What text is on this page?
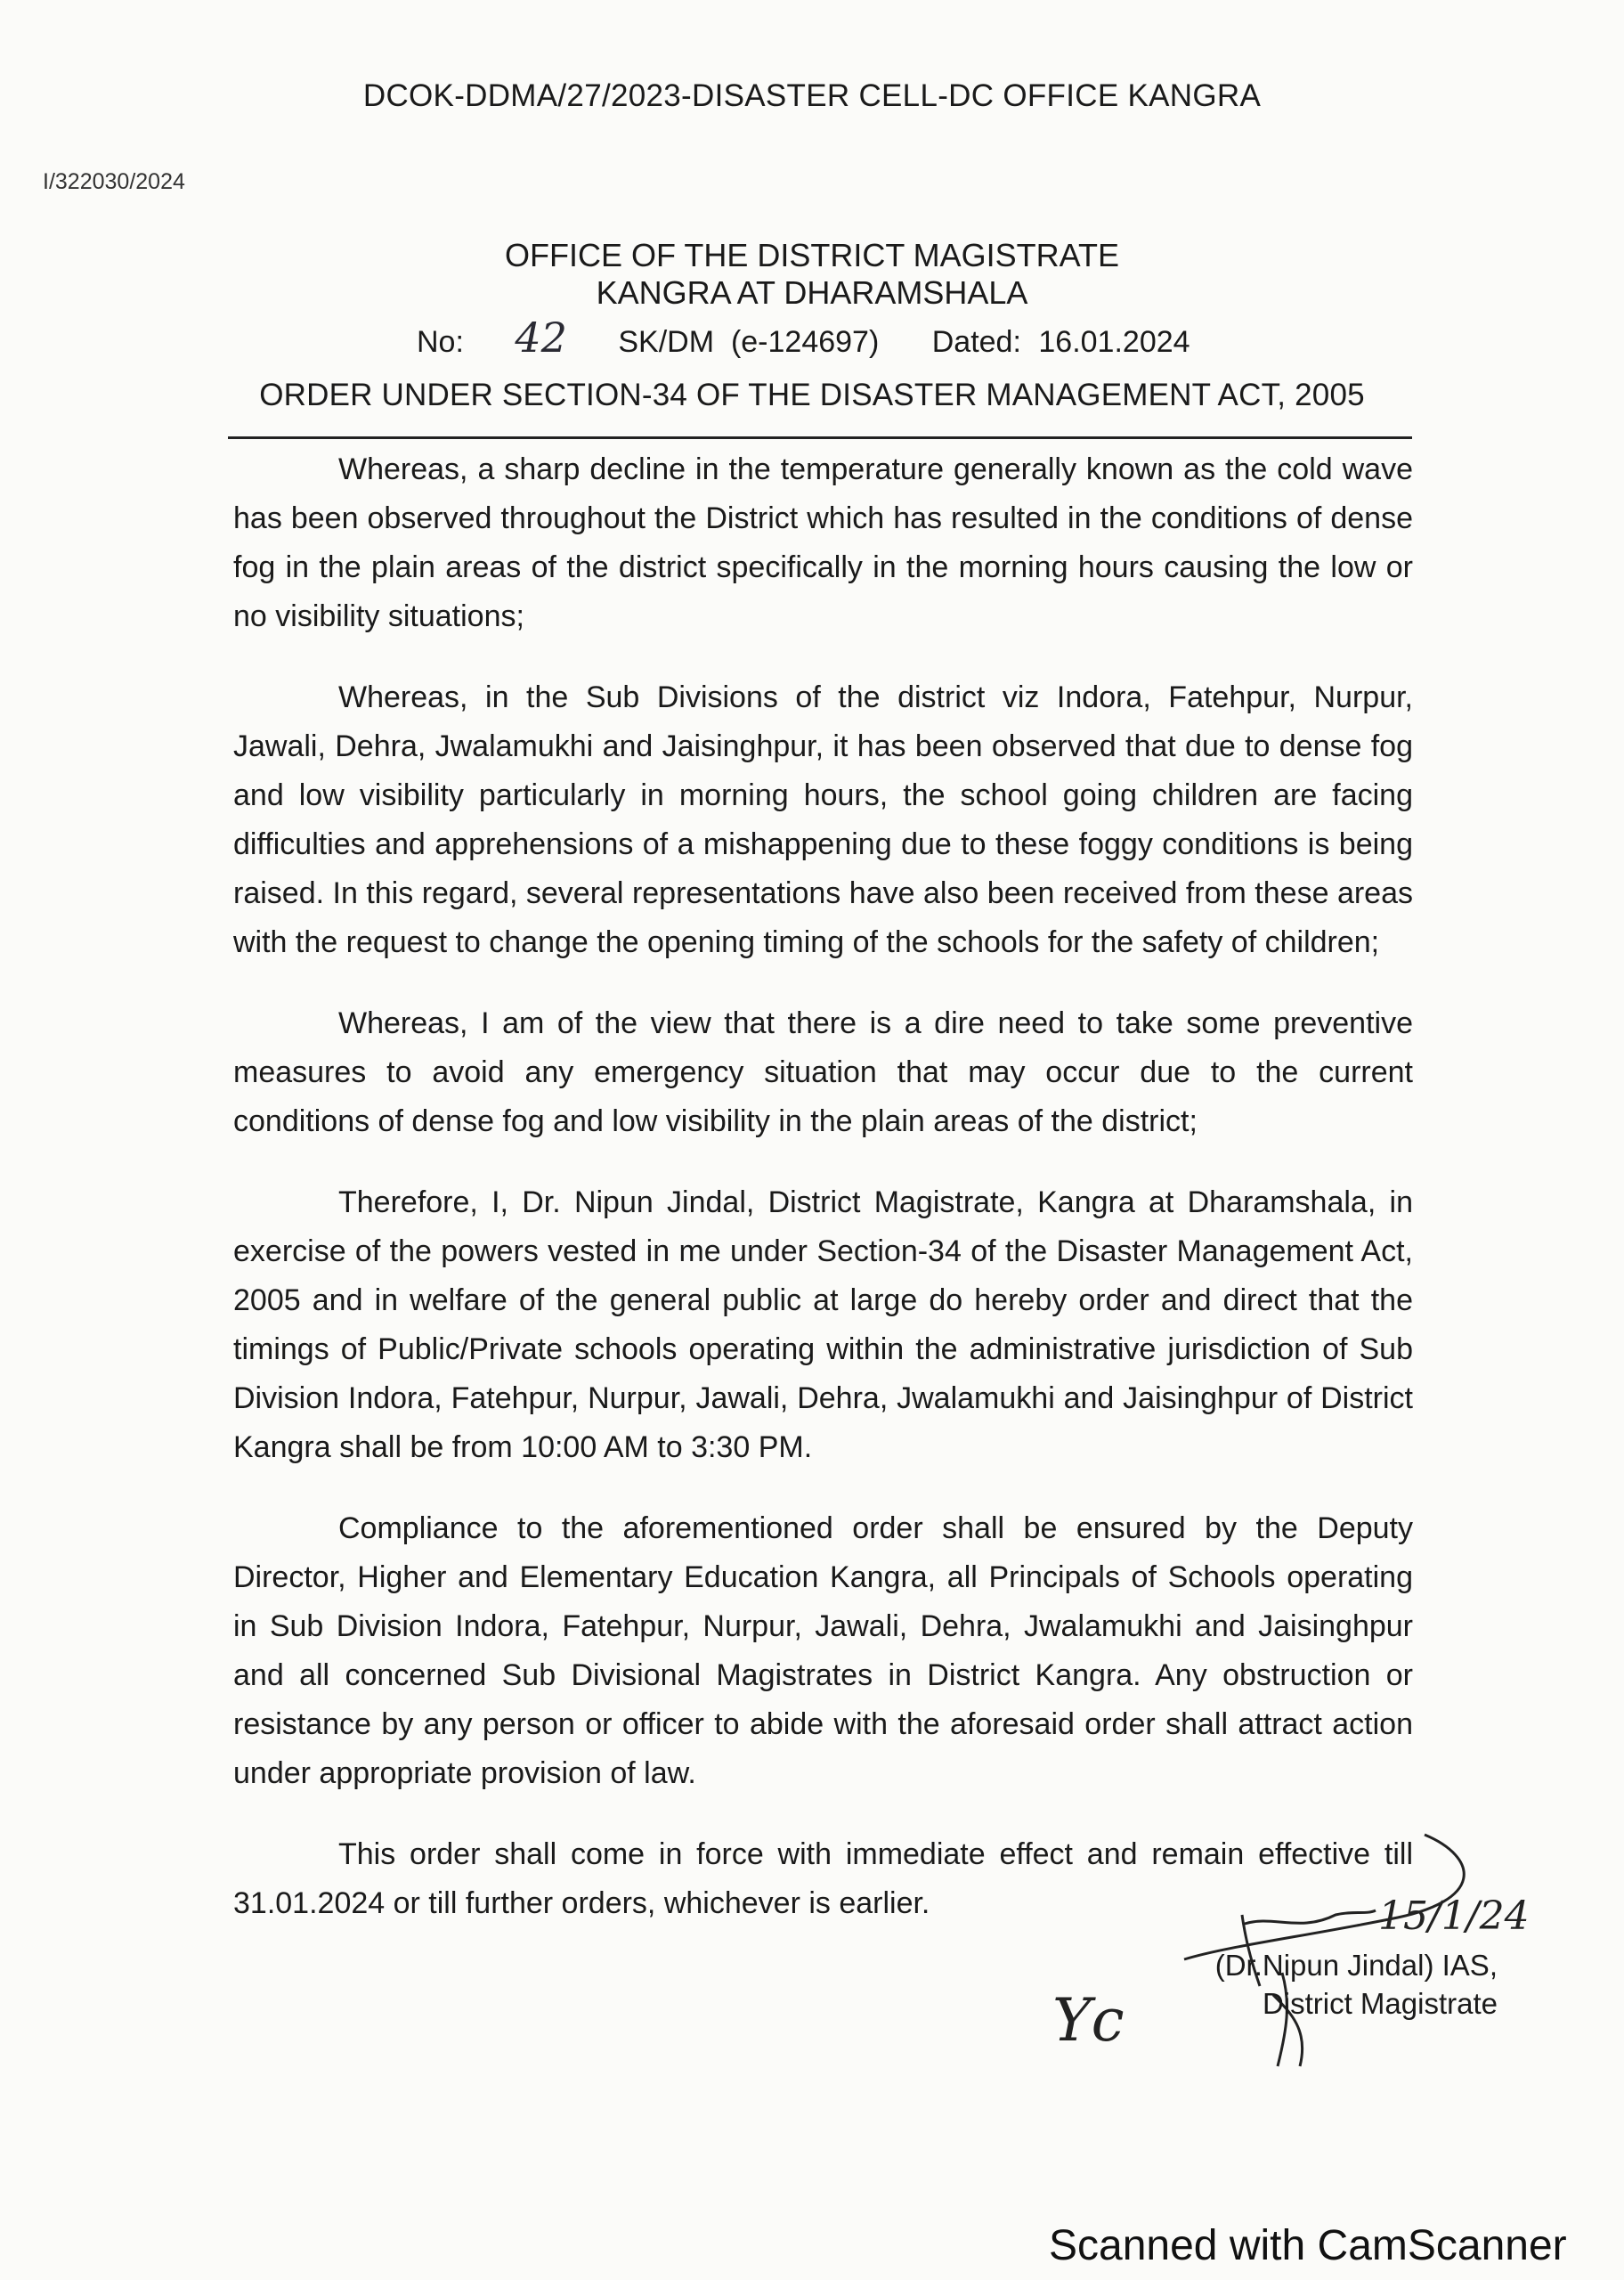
DCOK-DDMA/27/2023-DISASTER CELL-DC OFFICE KANGRA
I/322030/2024
OFFICE OF THE DISTRICT MAGISTRATE
KANGRA AT DHARAMSHALA
No: 42 SK/DM  (e-124697) Dated: 16.01.2024
ORDER UNDER SECTION-34 OF THE DISASTER MANAGEMENT ACT, 2005

Whereas, a sharp decline in the temperature generally known as the cold wave has been observed throughout the District which has resulted in the conditions of dense fog in the plain areas of the district specifically in the morning hours causing the low or no visibility situations;

Whereas, in the Sub Divisions of the district viz Indora, Fatehpur, Nurpur, Jawali, Dehra, Jwalamukhi and Jaisinghpur, it has been observed that due to dense fog and low visibility particularly in morning hours, the school going children are facing difficulties and apprehensions of a mishappening due to these foggy conditions is being raised. In this regard, several representations have also been received from these areas with the request to change the opening timing of the schools for the safety of children;

Whereas, I am of the view that there is a dire need to take some preventive measures to avoid any emergency situation that may occur due to the current conditions of dense fog and low visibility in the plain areas of the district;

Therefore, I, Dr. Nipun Jindal, District Magistrate, Kangra at Dharamshala, in exercise of the powers vested in me under Section-34 of the Disaster Management Act, 2005 and in welfare of the general public at large do hereby order and direct that the timings of Public/Private schools operating within the administrative jurisdiction of Sub Division Indora, Fatehpur, Nurpur, Jawali, Dehra, Jwalamukhi and Jaisinghpur of District Kangra shall be from 10:00 AM to 3:30 PM.

Compliance to the aforementioned order shall be ensured by the Deputy Director, Higher and Elementary Education Kangra, all Principals of Schools operating in Sub Division Indora, Fatehpur, Nurpur, Jawali, Dehra, Jwalamukhi and Jaisinghpur and all concerned Sub Divisional Magistrates in District Kangra. Any obstruction or resistance by any person or officer to abide with the aforesaid order shall attract action under appropriate provision of law.

This order shall come in force with immediate effect and remain effective till 31.01.2024 or till further orders, whichever is earlier.	15/1/24
Yc
(Dr.Nipun Jindal) IAS,
District Magistrate
Scanned with CamScanner
